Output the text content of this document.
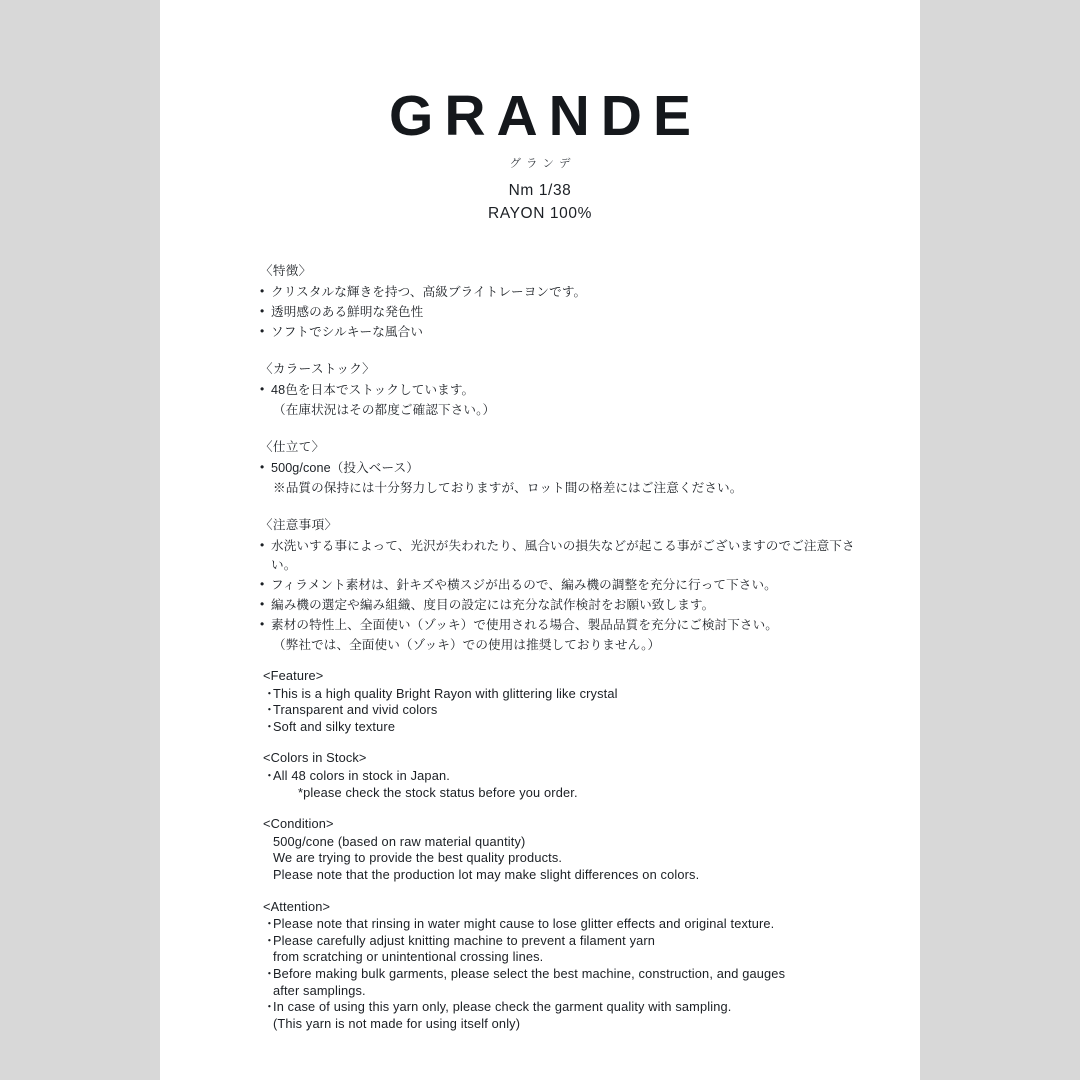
GRANDE
グランデ
Nm 1/38
RAYON 100%

〈特徴〉

• クリスタルな輝きを持つ、高級ブライトレーヨンです。

• 透明感のある鮮明な発色性

• ソフトでシルキーな風合い

〈カラーストック〉

• 48色を日本でストックしています。

（在庫状況はその都度ご確認下さい。）

〈仕立て〉

• 500g/cone（投入ベース）

※品質の保持には十分努力しておりますが、ロット間の格差にはご注意ください。

〈注意事項〉

• 水洗いする事によって、光沢が失われたり、風合いの損失などが起こる事がございますのでご注意下さい。

• フィラメント素材は、針キズや横スジが出るので、編み機の調整を充分に行って下さい。

• 編み機の選定や編み組織、度目の設定には充分な試作検討をお願い致します。

• 素材の特性上、全面使い（ゾッキ）で使用される場合、製品品質を充分にご検討下さい。

（弊社では、全面使い（ゾッキ）での使用は推奨しておりません。）

<Feature>

・
This is a high quality Bright Rayon with glittering like crystal

・
Transparent and vivid colors

・
Soft and silky texture

<Colors in Stock>

・
All 48 colors in stock in Japan.

*please check the stock status before you order.

<Condition>

500g/cone (based on raw material quantity)

We are trying to provide the best quality products.

Please note that the production lot may make slight differences on colors.

<Attention>

・
Please note that rinsing in water might cause to lose glitter effects and original texture.

・
Please carefully adjust knitting machine to prevent a filament yarn

from scratching or unintentional crossing lines.

・
Before making bulk garments, please select the best machine, construction, and gauges

after samplings.

・
In case of using this yarn only, please check the garment quality with sampling.

(This yarn is not made for using itself only)
